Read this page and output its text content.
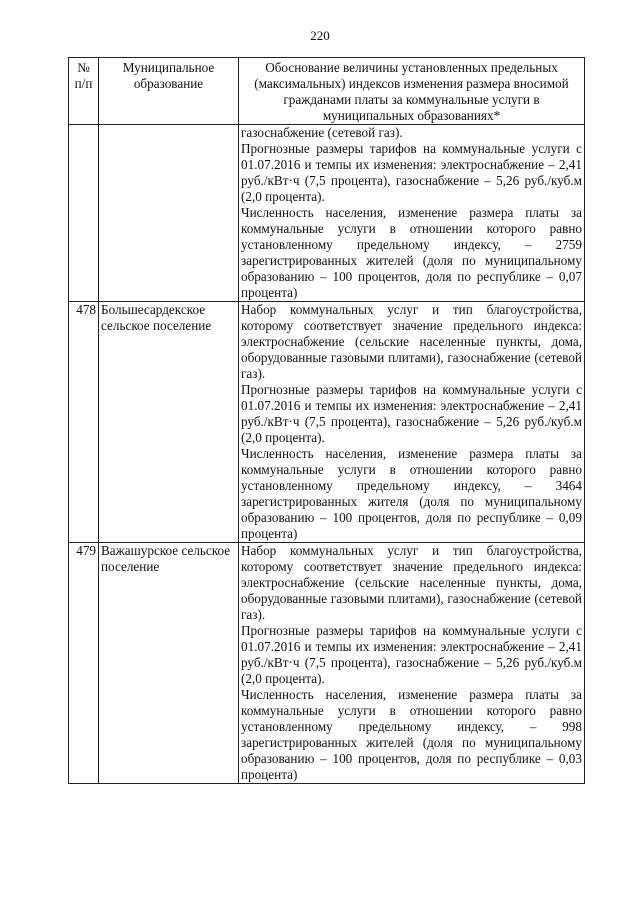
220
№ п/п	Муниципальное образование	Обоснование величины установленных предельных (максимальных) индексов изменения размера вносимой гражданами платы за коммунальные услуги в муниципальных образованиях*

		газоснабжение (сетевой газ).

Прогнозные размеры тарифов на коммунальные услуги с 01.07.2016 и темпы их изменения: электроснабжение – 2,41 руб./кВт·ч (7,5 процента), газоснабжение – 5,26 руб./куб.м (2,0 процента).

Численность населения, изменение размера платы за коммунальные услуги в отношении которого равно установленному предельному индексу, – 2759 зарегистрированных жителей (доля по муниципальному образованию – 100 процентов, доля по республике – 0,07 процента)

478	Большесардекское сельское поселение	Набор коммунальных услуг и тип благоустройства, которому соответствует значение предельного индекса: электроснабжение (сельские населенные пункты, дома, оборудованные газовыми плитами), газоснабжение (сетевой газ).

Прогнозные размеры тарифов на коммунальные услуги с 01.07.2016 и темпы их изменения: электроснабжение – 2,41 руб./кВт·ч (7,5 процента), газоснабжение – 5,26 руб./куб.м (2,0 процента).

Численность населения, изменение размера платы за коммунальные услуги в отношении которого равно установленному предельному индексу, – 3464 зарегистрированных жителя (доля по муниципальному образованию – 100 процентов, доля по республике – 0,09 процента)

479	Важашурское сельское поселение	Набор коммунальных услуг и тип благоустройства, которому соответствует значение предельного индекса: электроснабжение (сельские населенные пункты, дома, оборудованные газовыми плитами), газоснабжение (сетевой газ).

Прогнозные размеры тарифов на коммунальные услуги с 01.07.2016 и темпы их изменения: электроснабжение – 2,41 руб./кВт·ч (7,5 процента), газоснабжение – 5,26 руб./куб.м (2,0 процента).

Численность населения, изменение размера платы за коммунальные услуги в отношении которого равно установленному предельному индексу, – 998 зарегистрированных жителей (доля по муниципальному образованию – 100 процентов, доля по республике – 0,03 процента)
